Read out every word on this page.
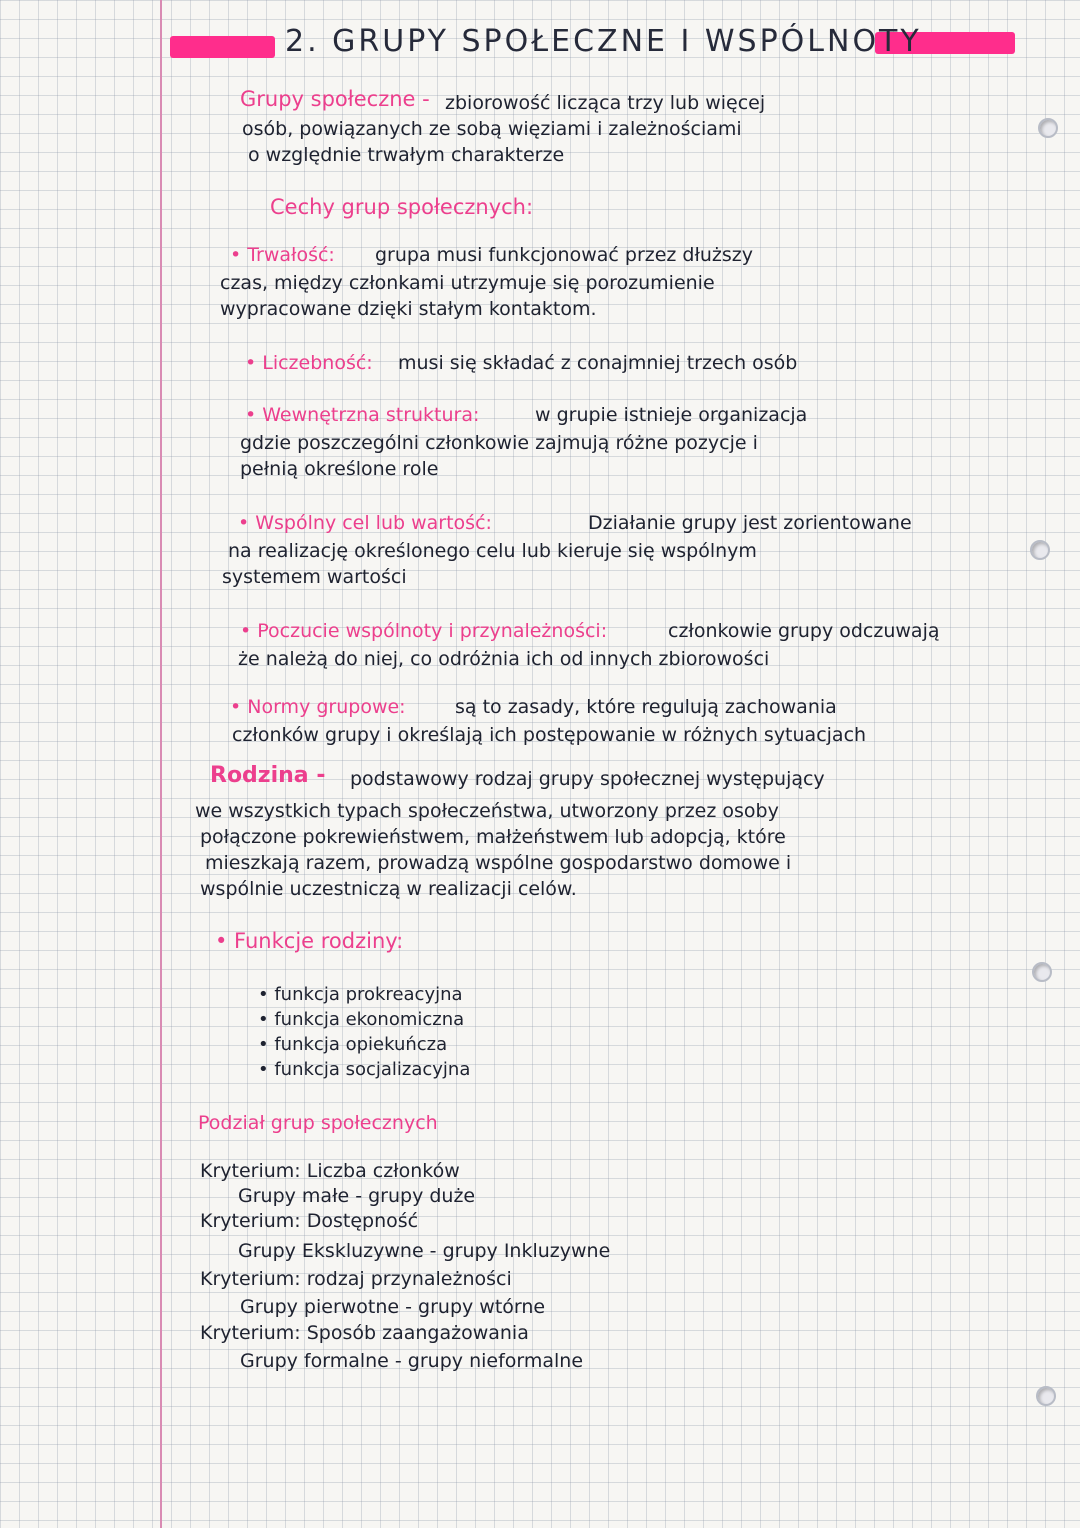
2. GRUPY SPOŁECZNE I WSPÓLNOTY
Grupy społeczne - zbiorowość licząca trzy lub więcej
osób, powiązanych ze sobą więziami i zależnościami
o względnie trwałym charakterze
Cechy grup społecznych:
• Trwałość: grupa musi funkcjonować przez dłuższy
czas, między członkami utrzymuje się porozumienie
wypracowane dzięki stałym kontaktom.
• Liczebność: musi się składać z conajmniej trzech osób
• Wewnętrzna struktura:	w grupie istnieje organizacja
gdzie poszczególni członkowie zajmują różne pozycje i
pełnią określone role
• Wspólny cel lub wartość:	Działanie grupy jest zorientowane
na realizację określonego celu lub kieruje się wspólnym
systemem wartości
• Poczucie wspólnoty i przynależności:	członkowie grupy odczuwają
że należą do niej, co odróżnia ich od innych zbiorowości
• Normy grupowe:	są to zasady, które regulują zachowania
członków grupy i określają ich postępowanie w różnych sytuacjach
Rodzina - podstawowy rodzaj grupy społecznej występujący
we wszystkich typach społeczeństwa, utworzony przez osoby
połączone pokrewieństwem, małżeństwem lub adopcją, które
mieszkają razem, prowadzą wspólne gospodarstwo domowe i
wspólnie uczestniczą w realizacji celów.
• Funkcje rodziny:
• funkcja prokreacyjna
• funkcja ekonomiczna
• funkcja opiekuńcza
• funkcja socjalizacyjna
Podział grup społecznych
Kryterium: Liczba członków
Grupy małe - grupy duże
Kryterium: Dostępność
Grupy Ekskluzywne - grupy Inkluzywne
Kryterium: rodzaj przynależności
Grupy pierwotne - grupy wtórne
Kryterium: Sposób zaangażowania
Grupy formalne - grupy nieformalne
